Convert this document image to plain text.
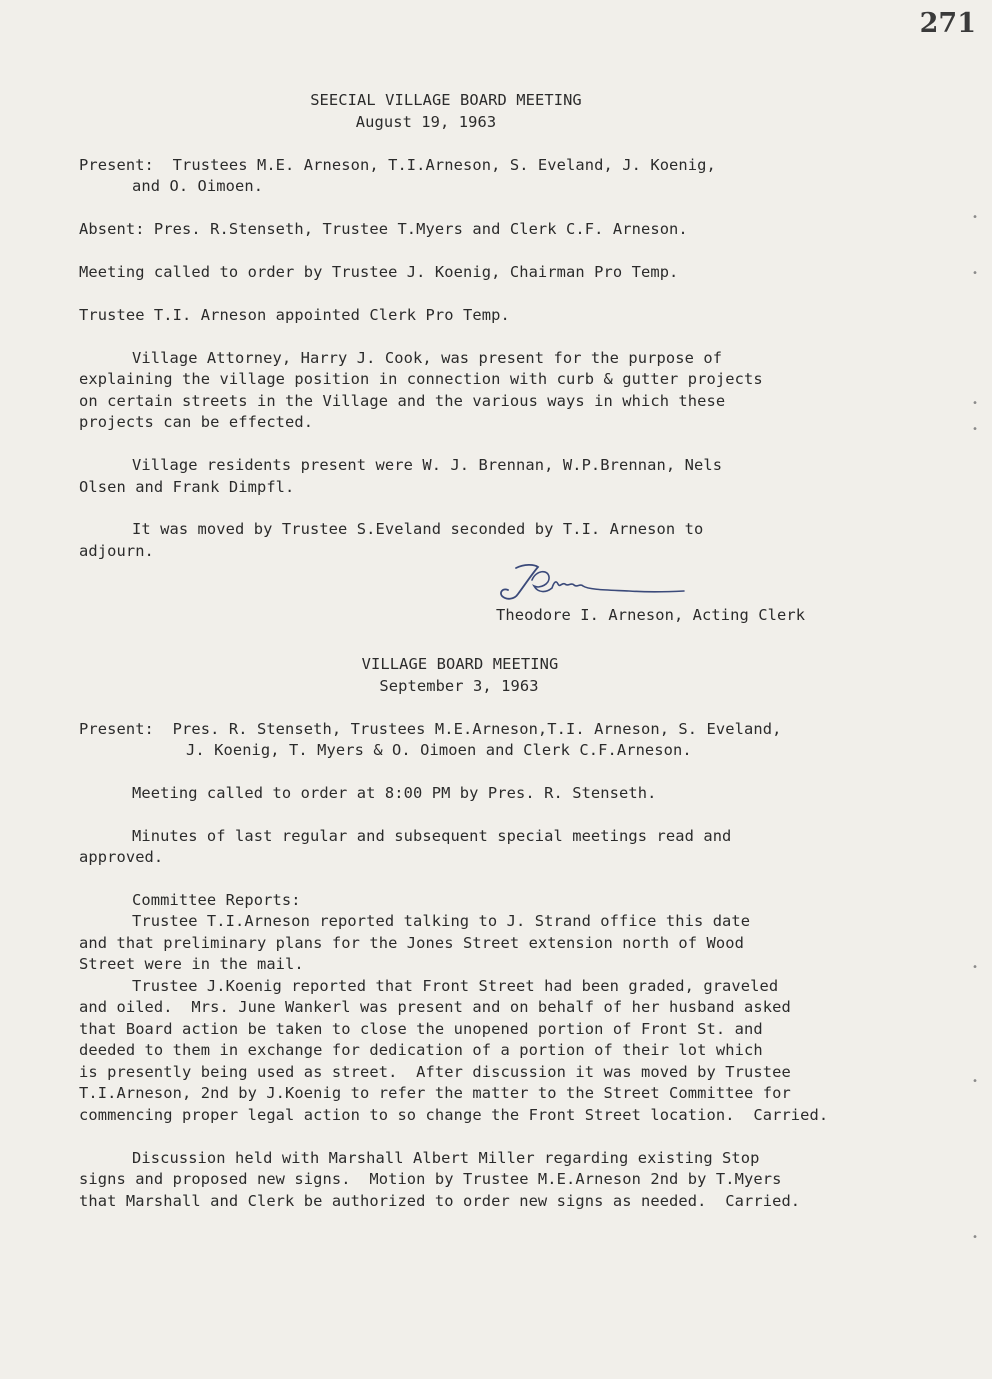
271
SEECIAL VILLAGE BOARD MEETING
August 19, 1963
Present:  Trustees M.E. Arneson, T.I.Arneson, S. Eveland, J. Koenig,
and O. Oimoen.
Absent: Pres. R.Stenseth, Trustee T.Myers and Clerk C.F. Arneson.
Meeting called to order by Trustee J. Koenig, Chairman Pro Temp.
Trustee T.I. Arneson appointed Clerk Pro Temp.
Village Attorney, Harry J. Cook, was present for the purpose of
explaining the village position in connection with curb & gutter projects
on certain streets in the Village and the various ways in which these
projects can be effected.
Village residents present were W. J. Brennan, W.P.Brennan, Nels
Olsen and Frank Dimpfl.
It was moved by Trustee S.Eveland seconded by T.I. Arneson to
adjourn.
Theodore I. Arneson, Acting Clerk
VILLAGE BOARD MEETING
September 3, 1963
Present:  Pres. R. Stenseth, Trustees M.E.Arneson,T.I. Arneson, S. Eveland,
J. Koenig, T. Myers & O. Oimoen and Clerk C.F.Arneson.
Meeting called to order at 8:00 PM by Pres. R. Stenseth.
Minutes of last regular and subsequent special meetings read and
approved.
Committee Reports:
Trustee T.I.Arneson reported talking to J. Strand office this date
and that preliminary plans for the Jones Street extension north of Wood
Street were in the mail.
Trustee J.Koenig reported that Front Street had been graded, graveled
and oiled.  Mrs. June Wankerl was present and on behalf of her husband asked
that Board action be taken to close the unopened portion of Front St. and
deeded to them in exchange for dedication of a portion of their lot which
is presently being used as street.  After discussion it was moved by Trustee
T.I.Arneson, 2nd by J.Koenig to refer the matter to the Street Committee for
commencing proper legal action to so change the Front Street location.  Carried.
Discussion held with Marshall Albert Miller regarding existing Stop
signs and proposed new signs.  Motion by Trustee M.E.Arneson 2nd by T.Myers
that Marshall and Clerk be authorized to order new signs as needed.  Carried.
•
•
•
•
•
•
•
